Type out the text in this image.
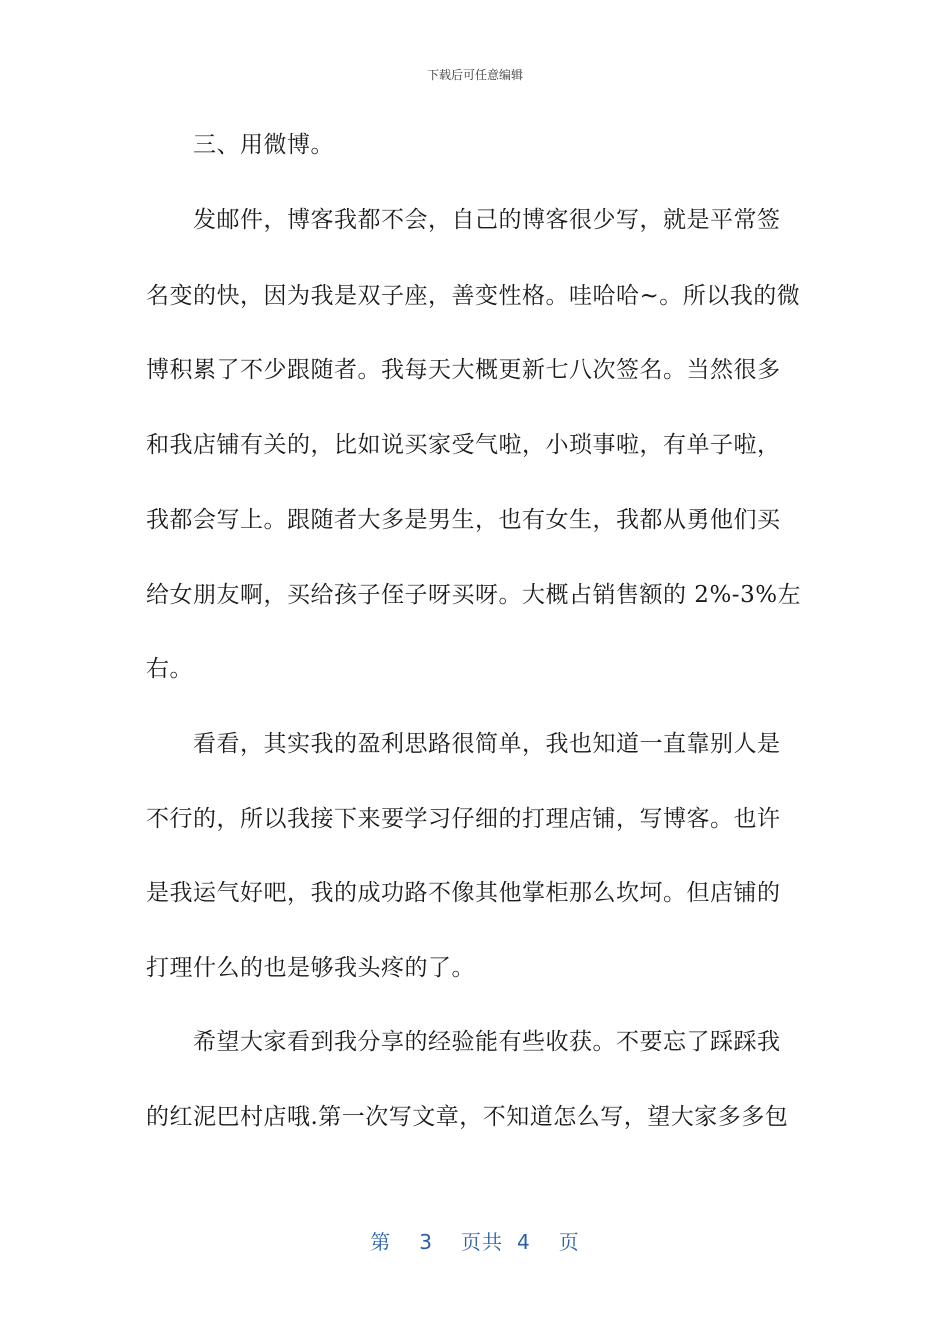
下载后可任意编辑
三、用微博。
发邮件，博客我都不会，自己的博客很少写，就是平常签
名变的快，因为我是双子座，善变性格。哇哈哈~。所以我的微
博积累了不少跟随者。我每天大概更新七八次签名。当然很多
和我店铺有关的，比如说买家受气啦，小琐事啦，有单子啦，
我都会写上。跟随者大多是男生，也有女生，我都从勇他们买
给女朋友啊，买给孩子侄子呀买呀。大概占销售额的 2%-3%左
右。
看看，其实我的盈利思路很简单，我也知道一直靠别人是
不行的，所以我接下来要学习仔细的打理店铺，写博客。也许
是我运气好吧，我的成功路不像其他掌柜那么坎坷。但店铺的
打理什么的也是够我头疼的了。
希望大家看到我分享的经验能有些收获。不要忘了踩踩我
的红泥巴村店哦.第一次写文章，不知道怎么写，望大家多多包
第 3 页共 4 页
